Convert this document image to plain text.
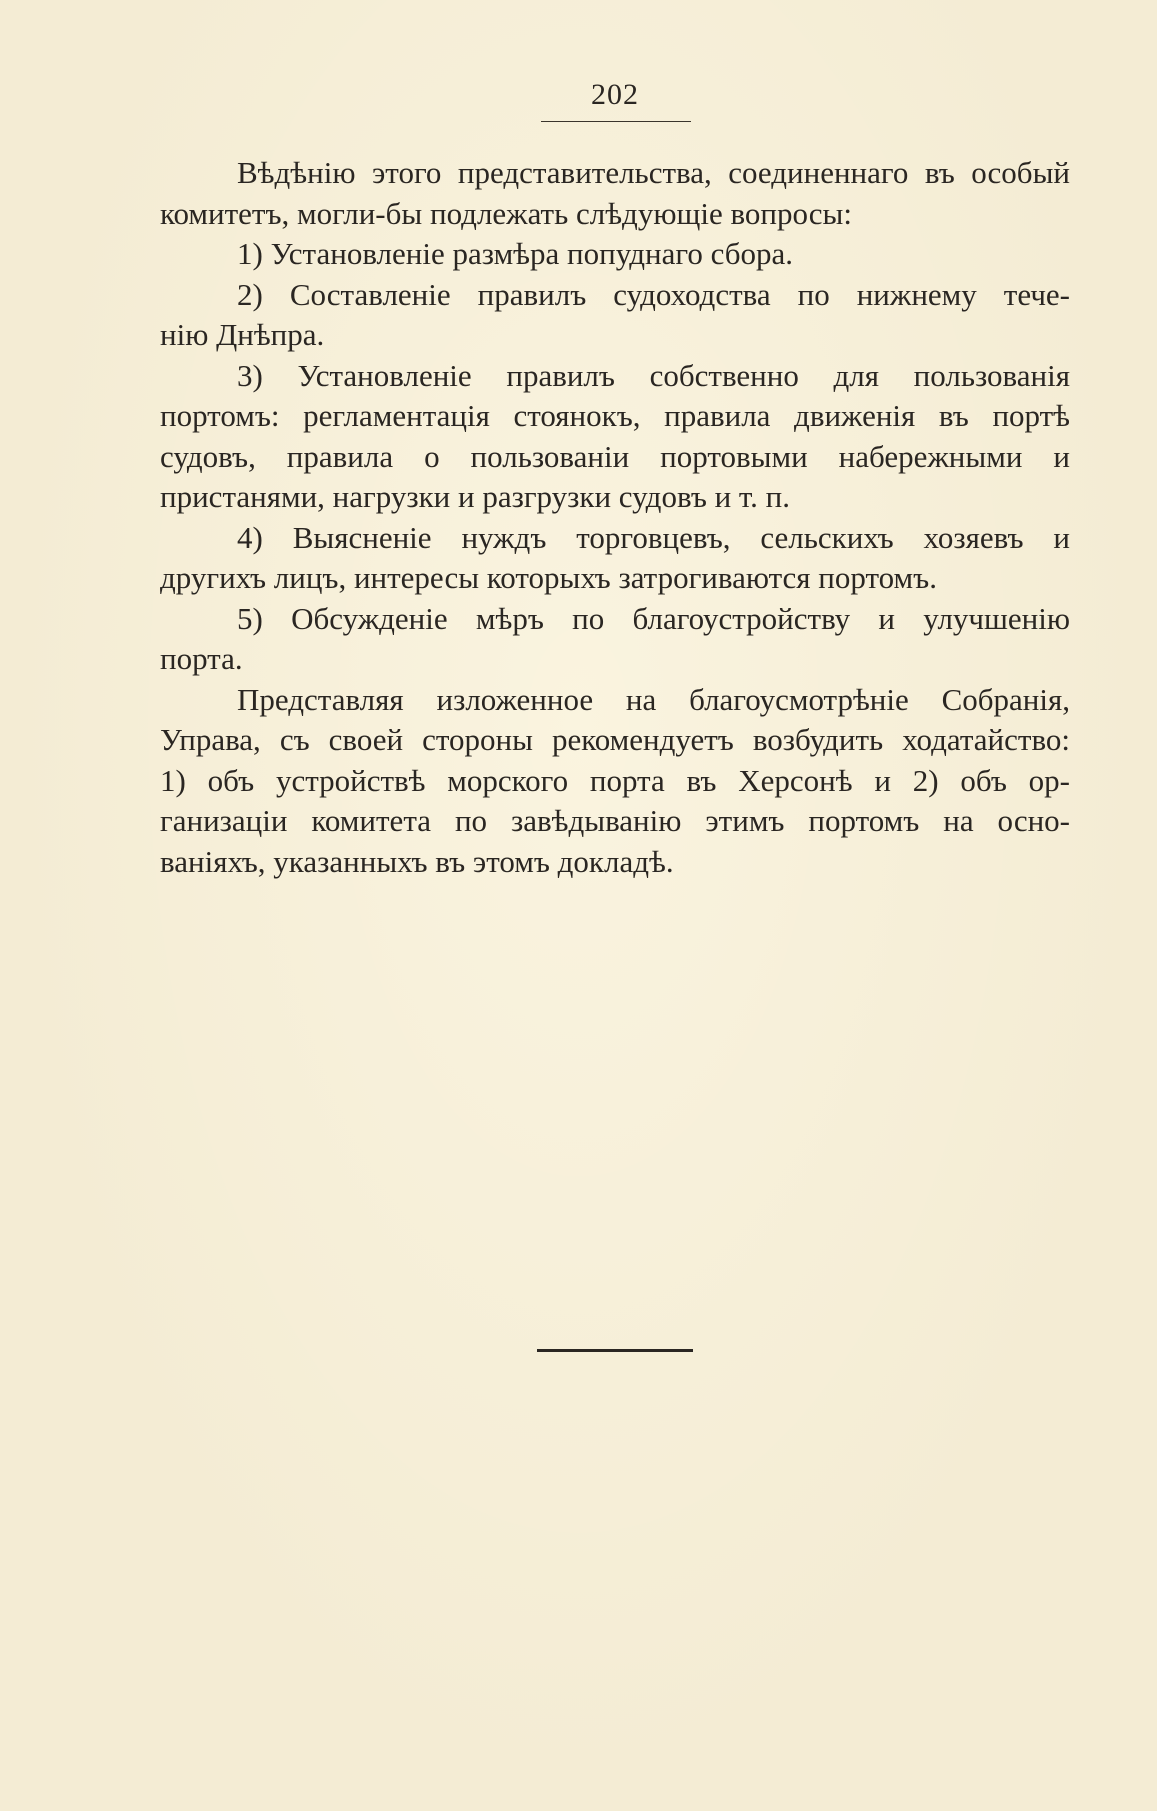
202
Вѣдѣнію этого представительства, соединеннаго въ особый
комитетъ, могли-бы подлежать слѣдующіе вопросы:
1) Установленіе размѣра попуднаго сбора.
2) Составленіе правилъ судоходства по нижнему тече-
нію Днѣпра.
3) Установленіе правилъ собственно для пользованія
портомъ: регламентація стоянокъ, правила движенія въ портѣ
судовъ, правила о пользованіи портовыми набережными и
пристанями, нагрузки и разгрузки судовъ и т. п.
4) Выясненіе нуждъ торговцевъ, сельскихъ хозяевъ и
другихъ лицъ, интересы которыхъ затрогиваются портомъ.
5) Обсужденіе мѣръ по благоустройству и улучшенію
порта.
Представляя изложенное на благоусмотрѣніе Собранія,
Управа, съ своей стороны рекомендуетъ возбудить ходатайство:
1) объ устройствѣ морского порта въ Херсонѣ и 2) объ ор-
ганизаціи комитета по завѣдыванію этимъ портомъ на осно-
ваніяхъ, указанныхъ въ этомъ докладѣ.
